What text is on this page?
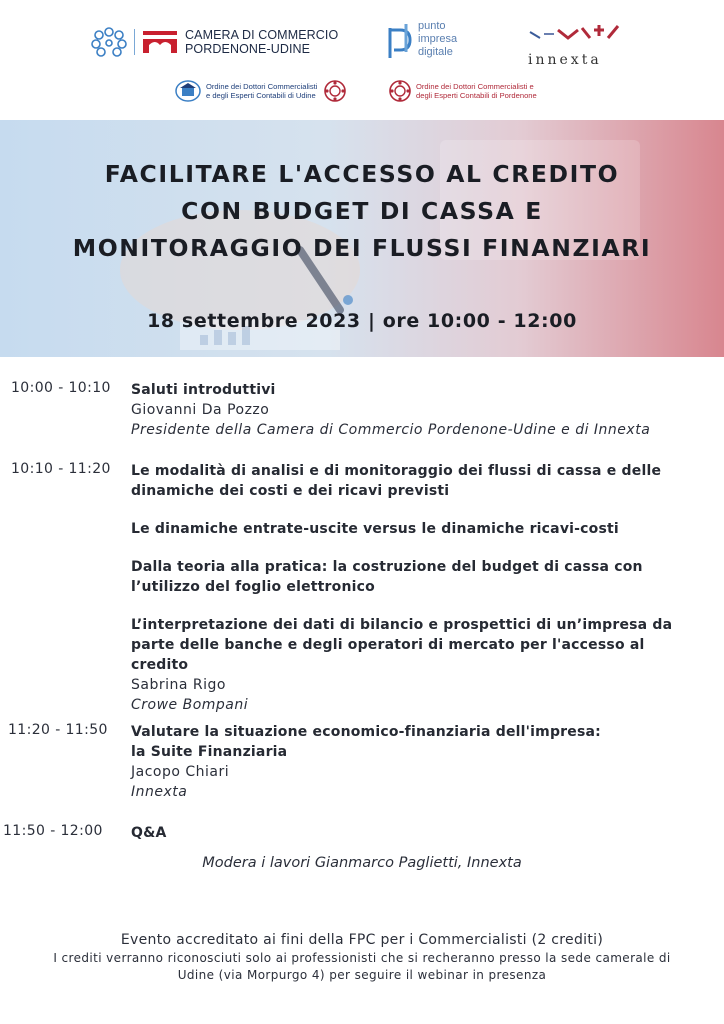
CAMERA DI COMMERCIO
PORDENONE-UDINE
punto
impresa
digitale	innexta
Ordine dei Dottori Commercialisti
e degli Esperti Contabili di Udine
Ordine dei Dottori Commercialisti e
degli Esperti Contabili di Pordenone
FACILITARE L'ACCESSO AL CREDITO
CON BUDGET DI CASSA E
MONITORAGGIO DEI FLUSSI FINANZIARI
18 settembre 2023 | ore 10:00 - 12:00
10:00 - 10:10 Saluti introduttivi
Giovanni Da Pozzo
Presidente della Camera di Commercio Pordenone-Udine e di Innexta
10:10 - 11:20 Le modalità di analisi e di monitoraggio dei flussi di cassa e delle
dinamiche dei costi e dei ricavi previsti
Le dinamiche entrate-uscite versus le dinamiche ricavi-costi
Dalla teoria alla pratica: la costruzione del budget di cassa con
l’utilizzo del foglio elettronico
L’interpretazione dei dati di bilancio e prospettici di un’impresa da
parte delle banche e degli operatori di mercato per l'accesso al credito
Sabrina Rigo
Crowe Bompani
11:20 - 11:50 Valutare la situazione economico-finanziaria dell'impresa:
la Suite Finanziaria
Jacopo Chiari
Innexta
11:50 - 12:00 Q&A
Modera i lavori Gianmarco Paglietti, Innexta
Evento accreditato ai fini della FPC per i Commercialisti (2 crediti)
I crediti verranno riconosciuti solo ai professionisti che si recheranno presso la sede camerale di
Udine (via Morpurgo 4) per seguire il webinar in presenza
